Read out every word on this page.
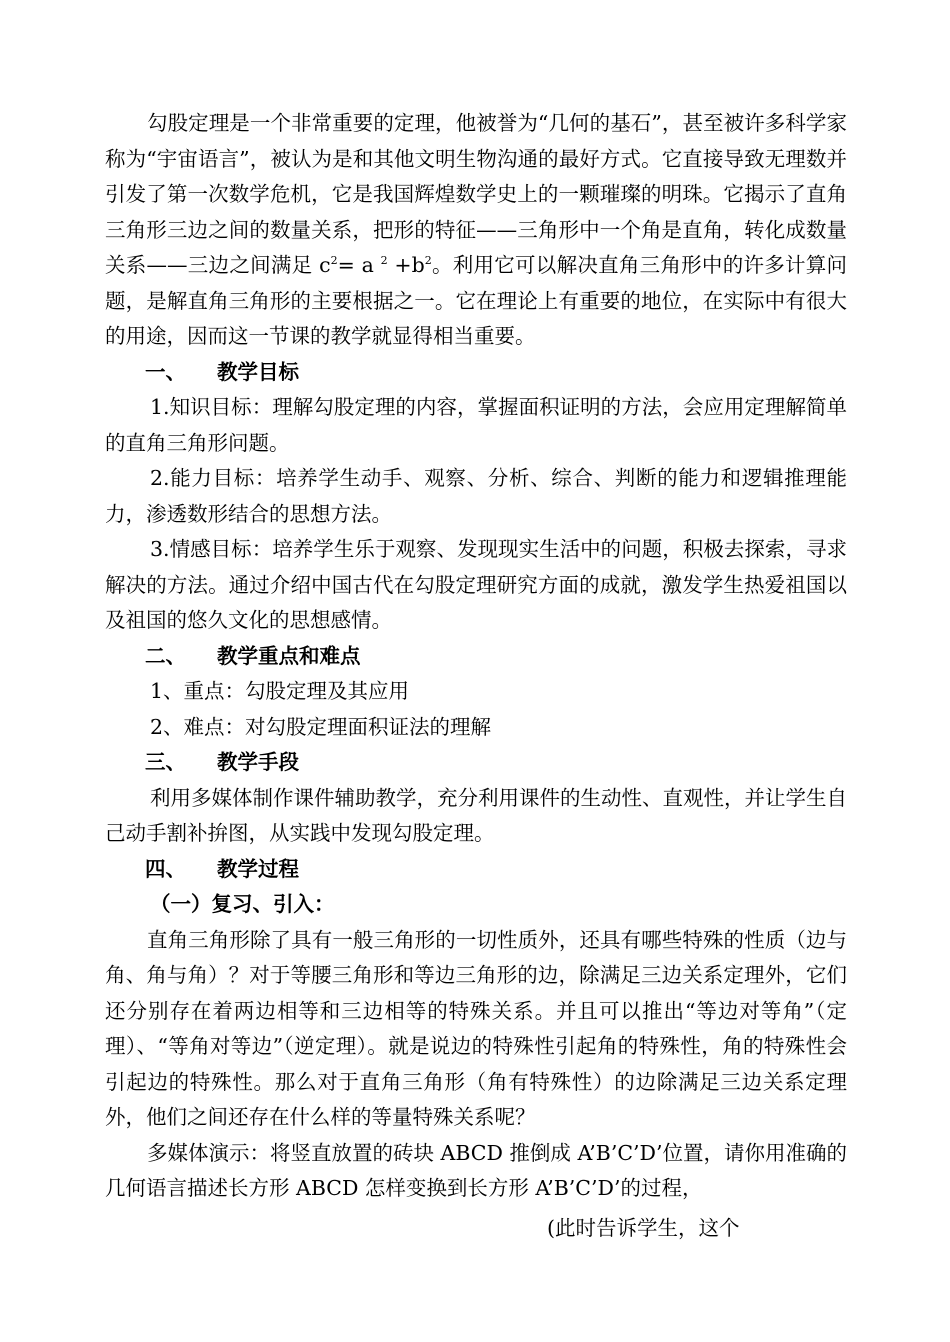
勾股定理是一个非常重要的定理，他被誉为“几何的基石”，甚至被许多科学家称为“宇宙语言”，被认为是和其他文明生物沟通的最好方式。它直接导致无理数并引发了第一次数学危机，它是我国辉煌数学史上的一颗璀璨的明珠。它揭示了直角三角形三边之间的数量关系，把形的特征——三角形中一个角是直角，转化成数量关系——三边之间满足 $c^2= a$ $^2 +b^2$。利用它可以解决直角三角形中的许多计算问题，是解直角三角形的主要根据之一。它在理论上有重要的地位，在实际中有很大的用途，因而这一节课的教学就显得相当重要。

一、 教学目标

1.知识目标：理解勾股定理的内容，掌握面积证明的方法，会应用定理解简单的直角三角形问题。

2.能力目标：培养学生动手、观察、分析、综合、判断的能力和逻辑推理能力，渗透数形结合的思想方法。

3.情感目标：培养学生乐于观察、发现现实生活中的问题，积极去探索，寻求解决的方法。通过介绍中国古代在勾股定理研究方面的成就，激发学生热爱祖国以及祖国的悠久文化的思想感情。

二、 教学重点和难点

1、重点：勾股定理及其应用

2、难点：对勾股定理面积证法的理解

三、 教学手段

利用多媒体制作课件辅助教学，充分利用课件的生动性、直观性，并让学生自己动手割补拚图，从实践中发现勾股定理。

四、 教学过程

（一）复习、引入：

直角三角形除了具有一般三角形的一切性质外，还具有哪些特殊的性质（边与角、角与角）？对于等腰三角形和等边三角形的边，除满足三边关系定理外，它们还分别存在着两边相等和三边相等的特殊关系。并且可以推出“等边对等角”（定理）、“等角对等边”（逆定理）。就是说边的特殊性引起角的特殊性，角的特殊性会引起边的特殊性。那么对于直角三角形（角有特殊性）的边除满足三边关系定理外，他们之间还存在什么样的等量特殊关系呢？

多媒体演示：将竖直放置的砖块 ABCD 推倒成 A’B’C’D’位置，请你用准确的几何语言描述长方形 ABCD 怎样变换到长方形 A’B’C’D’的过程，

(此时告诉学生，这个
